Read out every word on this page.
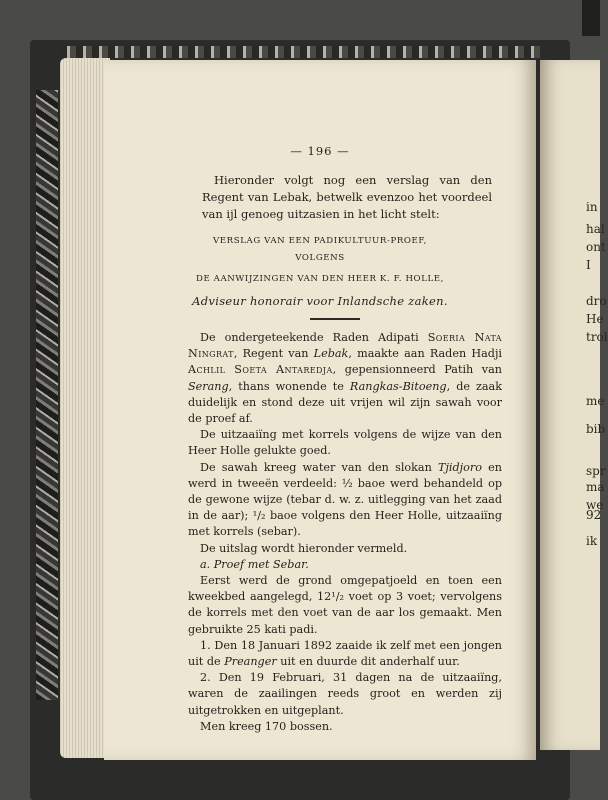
in
hal
ont
I
dro
He
trol
me
bib
spr
ma
we
92
ik
— 196 —
Hieronder volgt nog een verslag van den Regent van Lebak, betwelk evenzoo het voordeel van ijl genoeg uitzasien in het licht stelt:
VERSLAG VAN EEN PADIKULTUUR-PROEF,
VOLGENS
DE AANWIJZINGEN VAN DEN HEER K. F. HOLLE,
Adviseur honorair voor Inlandsche zaken.

De ondergeteekende Raden Adipati Soeria Nata Ningrat, Regent van Lebak, maakte aan Raden Hadji Achlil Soeta Antaredja, gepensionneerd Patih van Serang, thans wonende te Rangkas-Bitoeng, de zaak duidelijk en stond deze uit vrijen wil zijn sawah voor de proef af.

De uitzaaiïng met korrels volgens de wijze van den Heer Holle gelukte goed.

De sawah kreeg water van den slokan Tjidjoro en werd in tweeën verdeeld: ½ baoe werd behandeld op de gewone wijze (tebar d. w. z. uitlegging van het zaad in de aar); ¹/₂ baoe volgens den Heer Holle, uitzaaiïng met korrels (sebar).

De uitslag wordt hieronder vermeld.

a. Proef met Sebar.

Eerst werd de grond omgepatjoeld en toen een kweekbed aangelegd, 12¹/₂ voet op 3 voet; vervolgens de korrels met den voet van de aar los gemaakt. Men gebruikte 25 kati padi.

1. Den 18 Januari 1892 zaaide ik zelf met een jongen uit de Preanger uit en duurde dit anderhalf uur.

2. Den 19 Februari, 31 dagen na de uitzaaiïng, waren de zaailingen reeds groot en werden zij uitgetrokken en uitgeplant.

Men kreeg 170 bossen.
